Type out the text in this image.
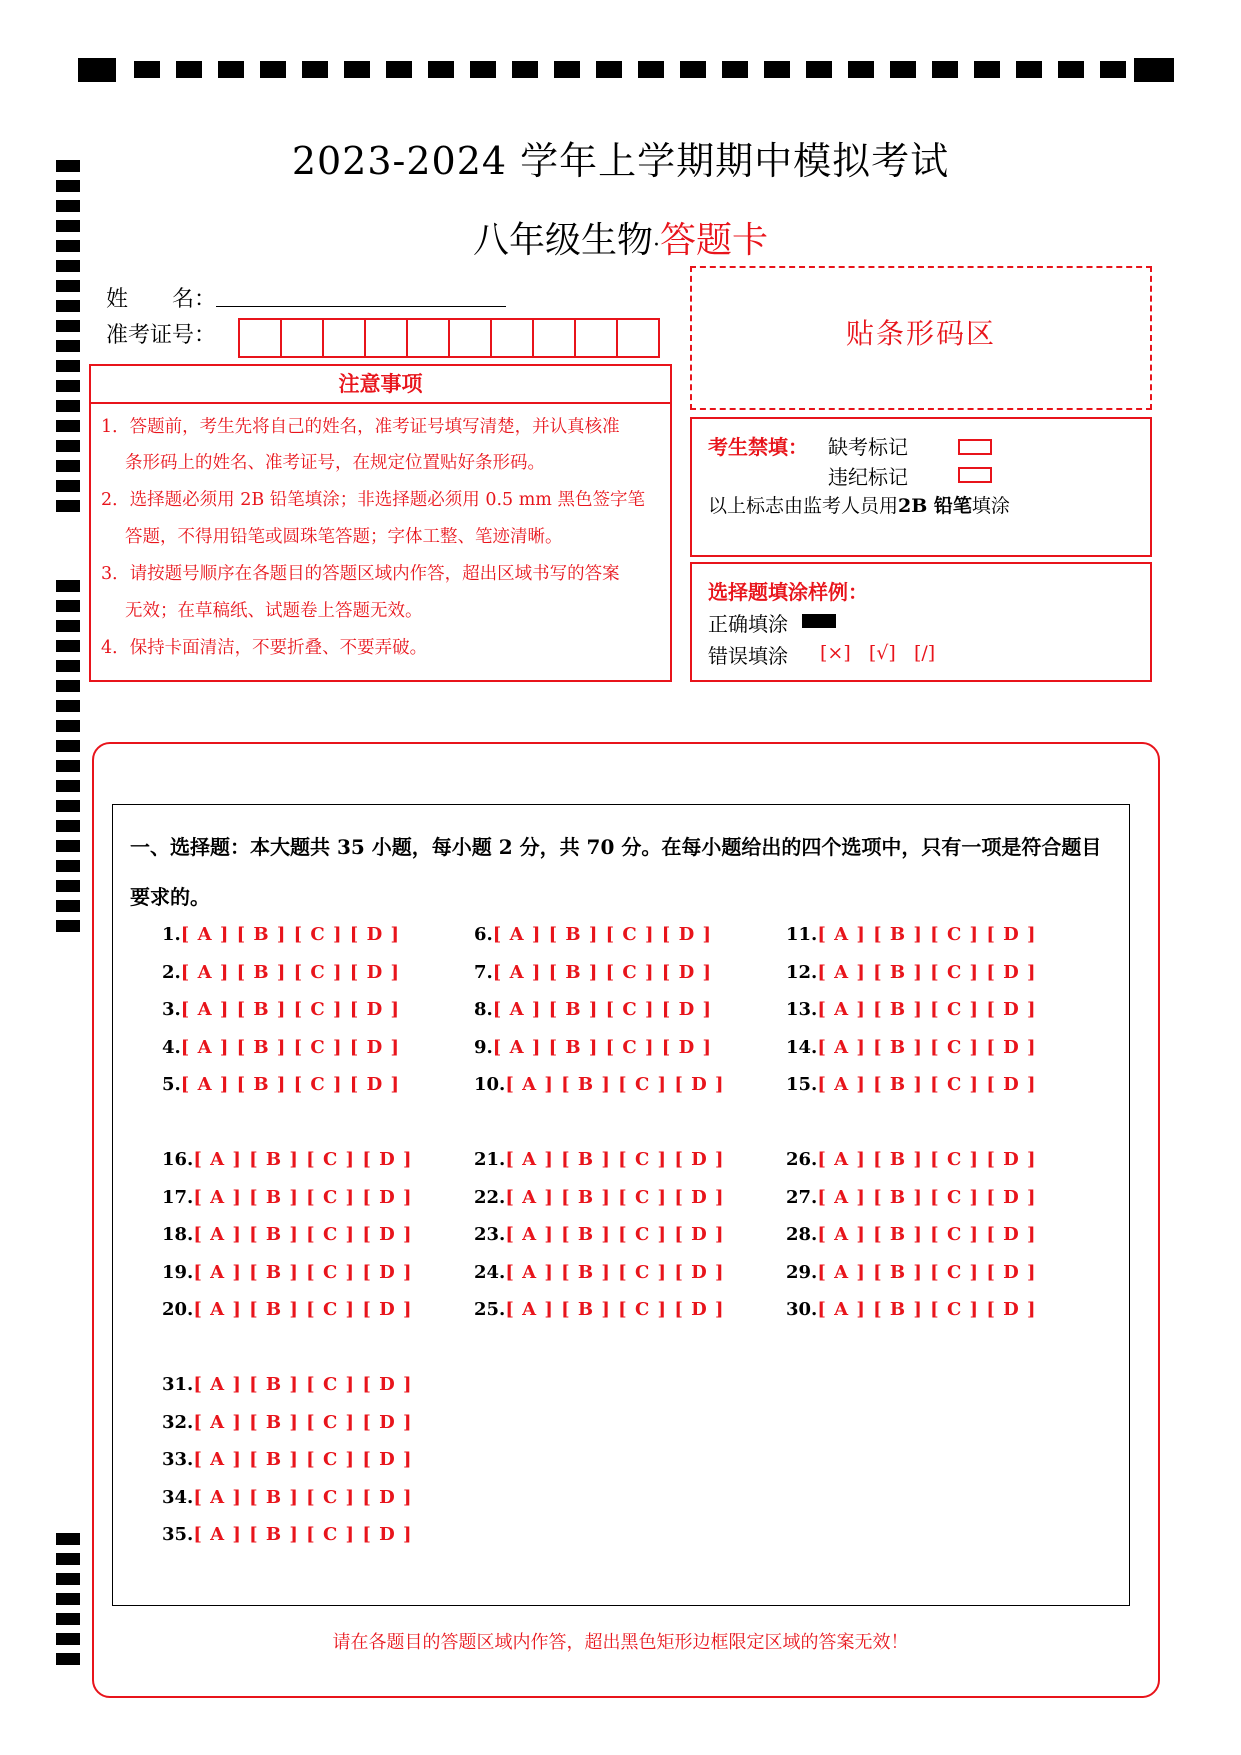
2023-2024 学年上学期期中模拟考试
八年级生物·答题卡
姓　　名：
准考证号：
注意事项
1．答题前，考生先将自己的姓名，准考证号填写清楚，并认真核准
条形码上的姓名、准考证号，在规定位置贴好条形码。
2．选择题必须用 2B 铅笔填涂；非选择题必须用 0.5 mm 黑色签字笔
答题，不得用铅笔或圆珠笔答题；字体工整、笔迹清晰。
3．请按题号顺序在各题目的答题区域内作答，超出区域书写的答案
无效；在草稿纸、试题卷上答题无效。
4．保持卡面清洁，不要折叠、不要弄破。
贴条形码区
考生禁填： 缺考标记
违纪标记
以上标志由监考人员用2B 铅笔填涂
选择题填涂样例：
正确填涂
错误填涂 [×] [√] [/]
一、选择题：本大题共 35 小题，每小题 2 分，共 70 分。在每小题给出的四个选项中，只有一项是符合题目要求的。
1.[ A ] [ B ] [ C ] [ D ]
2.[ A ] [ B ] [ C ] [ D ]
3.[ A ] [ B ] [ C ] [ D ]
4.[ A ] [ B ] [ C ] [ D ]
5.[ A ] [ B ] [ C ] [ D ]
6.[ A ] [ B ] [ C ] [ D ]
7.[ A ] [ B ] [ C ] [ D ]
8.[ A ] [ B ] [ C ] [ D ]
9.[ A ] [ B ] [ C ] [ D ]
10.[ A ] [ B ] [ C ] [ D ]
11.[ A ] [ B ] [ C ] [ D ]
12.[ A ] [ B ] [ C ] [ D ]
13.[ A ] [ B ] [ C ] [ D ]
14.[ A ] [ B ] [ C ] [ D ]
15.[ A ] [ B ] [ C ] [ D ]
16.[ A ] [ B ] [ C ] [ D ]
17.[ A ] [ B ] [ C ] [ D ]
18.[ A ] [ B ] [ C ] [ D ]
19.[ A ] [ B ] [ C ] [ D ]
20.[ A ] [ B ] [ C ] [ D ]
21.[ A ] [ B ] [ C ] [ D ]
22.[ A ] [ B ] [ C ] [ D ]
23.[ A ] [ B ] [ C ] [ D ]
24.[ A ] [ B ] [ C ] [ D ]
25.[ A ] [ B ] [ C ] [ D ]
26.[ A ] [ B ] [ C ] [ D ]
27.[ A ] [ B ] [ C ] [ D ]
28.[ A ] [ B ] [ C ] [ D ]
29.[ A ] [ B ] [ C ] [ D ]
30.[ A ] [ B ] [ C ] [ D ]
31.[ A ] [ B ] [ C ] [ D ]
32.[ A ] [ B ] [ C ] [ D ]
33.[ A ] [ B ] [ C ] [ D ]
34.[ A ] [ B ] [ C ] [ D ]
35.[ A ] [ B ] [ C ] [ D ]
请在各题目的答题区域内作答，超出黑色矩形边框限定区域的答案无效！
